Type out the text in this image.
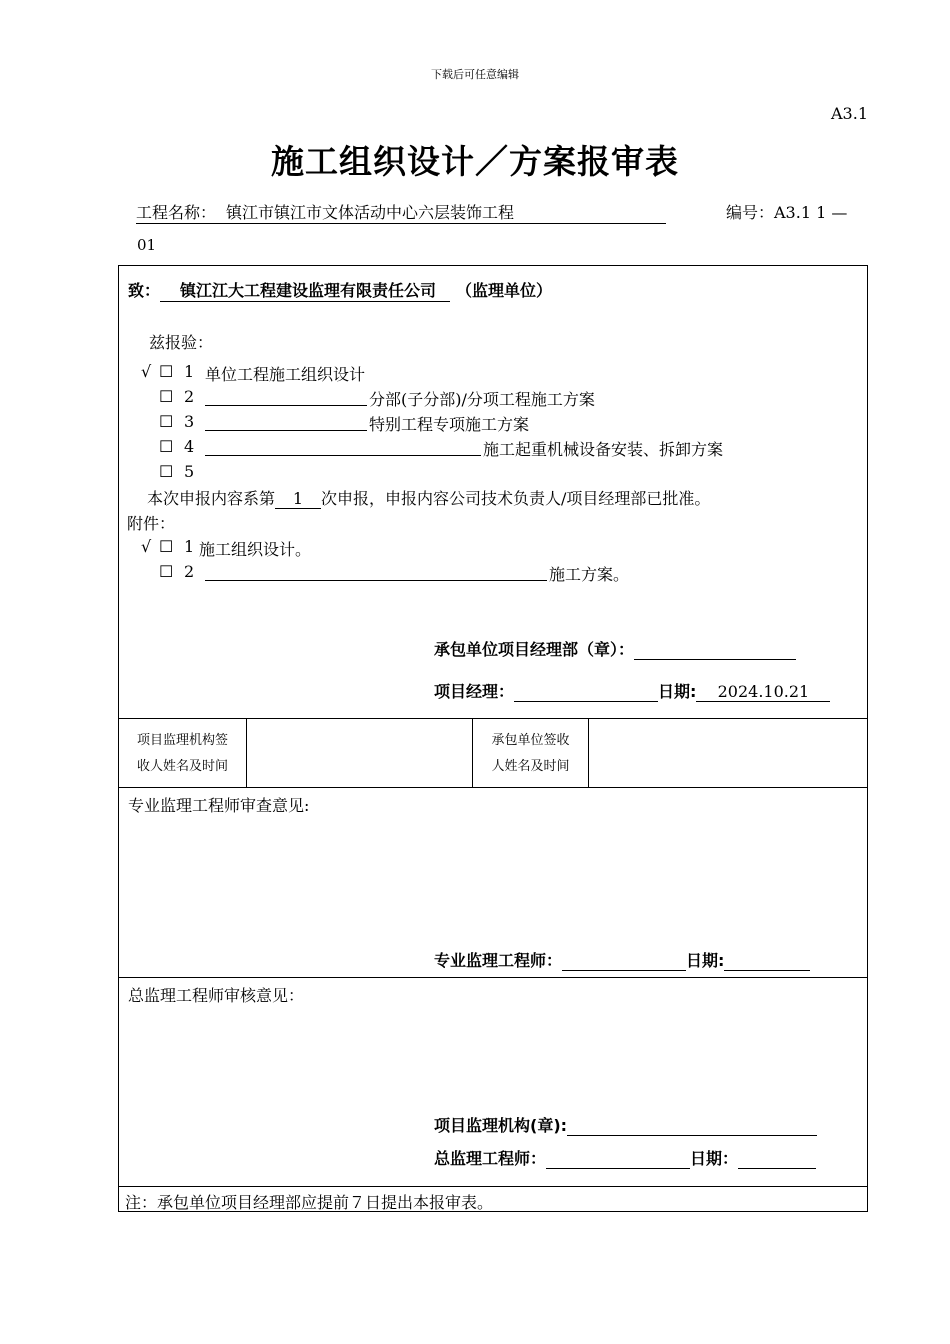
下载后可任意编辑
A3.1
施工组织设计／方案报审表
工程名称： 镇江市镇江市文体活动中心六层装饰工程	编号：A3.1 1 —
01
致： 镇江江大工程建设监理有限责任公司 （监理单位）
兹报验：
√ ☐ 1 单位工程施工组织设计
☐ 2	分部(子分部)/分项工程施工方案
☐ 3	特别工程专项施工方案
☐ 4	施工起重机械设备安装、拆卸方案
☐ 5
本次申报内容系第 1 次申报，申报内容公司技术负责人/项目经理部已批准。
附件：
√ ☐ 1 施工组织设计。
☐ 2	施工方案。
承包单位项目经理部（章）：
项目经理：	日期: 2024.10.21
项目监理机构签
收人姓名及时间
承包单位签收
人姓名及时间
专业监理工程师审查意见:
专业监理工程师：	日期:
总监理工程师审核意见：
项目监理机构(章):
总监理工程师：	日期：
注：承包单位项目经理部应提前７日提出本报审表。
